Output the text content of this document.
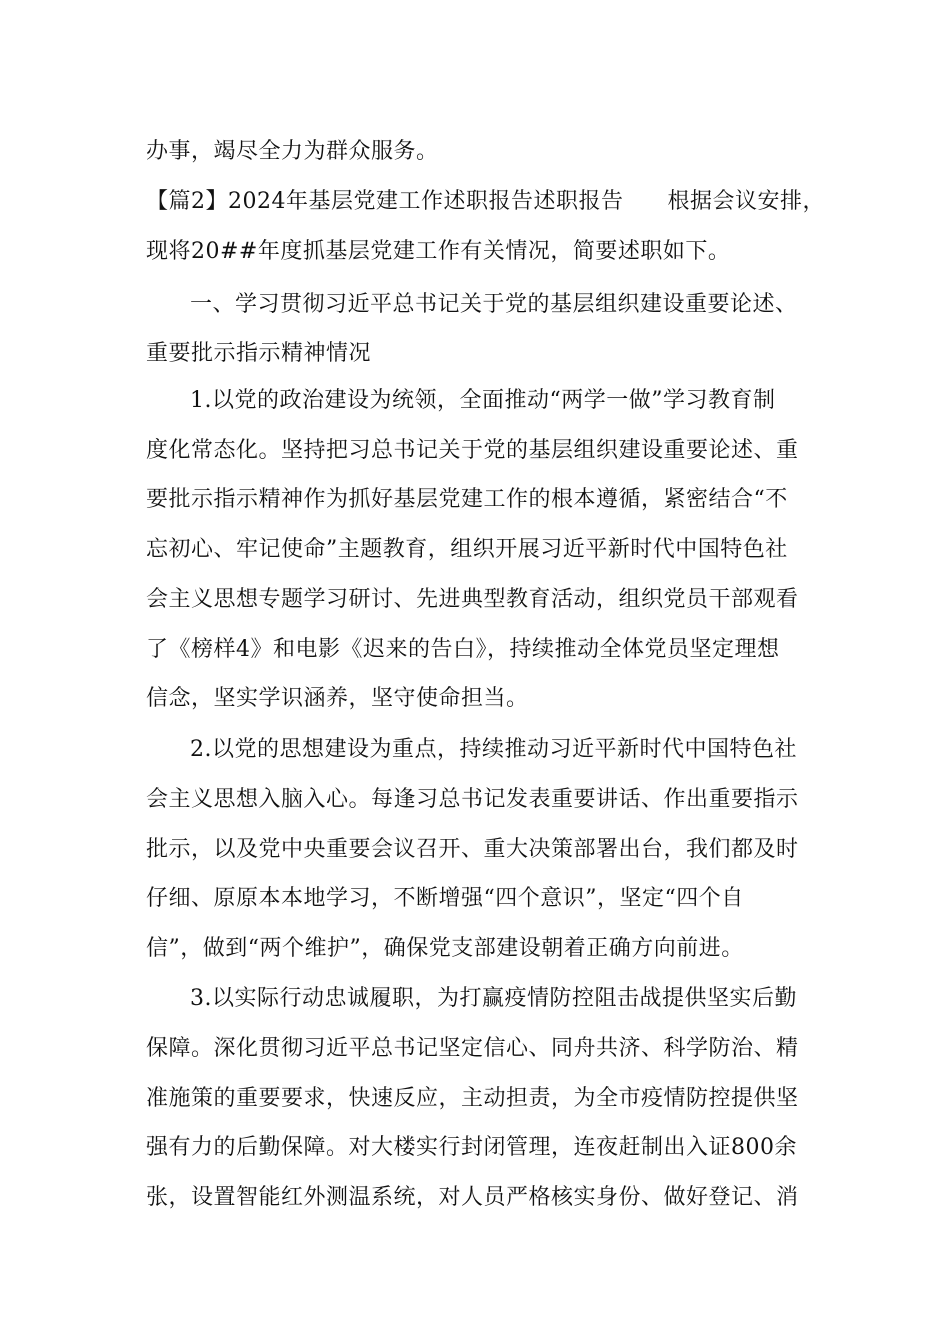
办事，竭尽全力为群众服务。
【篇2】2024年基层党建工作述职报告述职报告 根据会议安排，
现将20##年度抓基层党建工作有关情况，简要述职如下。
一、学习贯彻习近平总书记关于党的基层组织建设重要论述、
重要批示指示精神情况
1.以党的政治建设为统领，全面推动“两学一做”学习教育制
度化常态化。坚持把习总书记关于党的基层组织建设重要论述、重
要批示指示精神作为抓好基层党建工作的根本遵循，紧密结合“不
忘初心、牢记使命”主题教育，组织开展习近平新时代中国特色社
会主义思想专题学习研讨、先进典型教育活动，组织党员干部观看
了《榜样4》和电影《迟来的告白》，持续推动全体党员坚定理想
信念，坚实学识涵养，坚守使命担当。
2.以党的思想建设为重点，持续推动习近平新时代中国特色社
会主义思想入脑入心。每逢习总书记发表重要讲话、作出重要指示
批示，以及党中央重要会议召开、重大决策部署出台，我们都及时
仔细、原原本本地学习，不断增强“四个意识”，坚定“四个自
信”，做到“两个维护”，确保党支部建设朝着正确方向前进。
3.以实际行动忠诚履职，为打赢疫情防控阻击战提供坚实后勤
保障。深化贯彻习近平总书记坚定信心、同舟共济、科学防治、精
准施策的重要要求，快速反应，主动担责，为全市疫情防控提供坚
强有力的后勤保障。对大楼实行封闭管理，连夜赶制出入证800余
张，设置智能红外测温系统，对人员严格核实身份、做好登记、消
